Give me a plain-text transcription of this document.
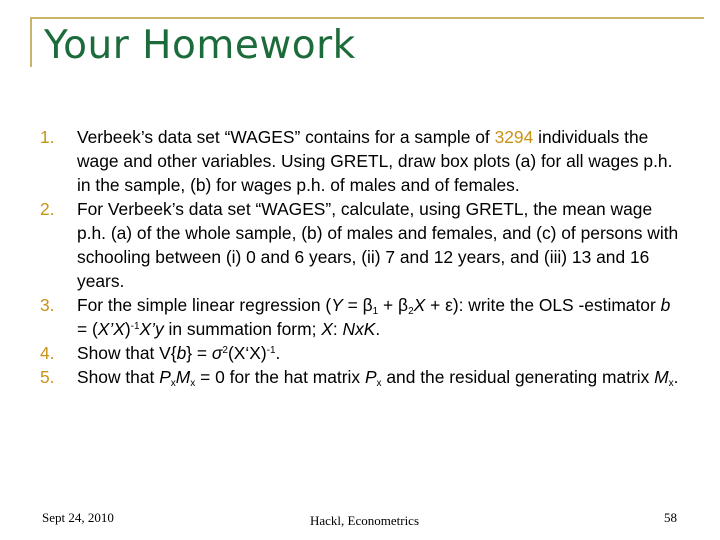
Your Homework
1.	Verbeek’s data set “WAGES” contains for a sample of 3294 individuals the wage and other variables. Using GRETL, draw box plots (a) for all wages p.h. in the sample, (b) for wages p.h. of males and of females.
2.	For Verbeek’s data set “WAGES”, calculate, using GRETL, the mean wage p.h. (a) of the whole sample, (b) of males and females, and (c) of persons with schooling between (i) 0 and 6 years, (ii) 7 and 12 years, and (iii) 13 and 16 years.
3.	For the simple linear regression $(Y = \beta_1 + \beta_2X + \varepsilon)$: write the OLS -estimator b = (X’X)$^{-1}$X’y in summation form; X: NxK.
4.	Show that $V\{b\} = \sigma^2(X‘X)^{-1}$.
5.	Show that $P_xM_x = 0$ for the hat matrix $P_x$ and the residual generating matrix $M_x$.
Sept 24, 2010	Hackl, Econometrics	58
